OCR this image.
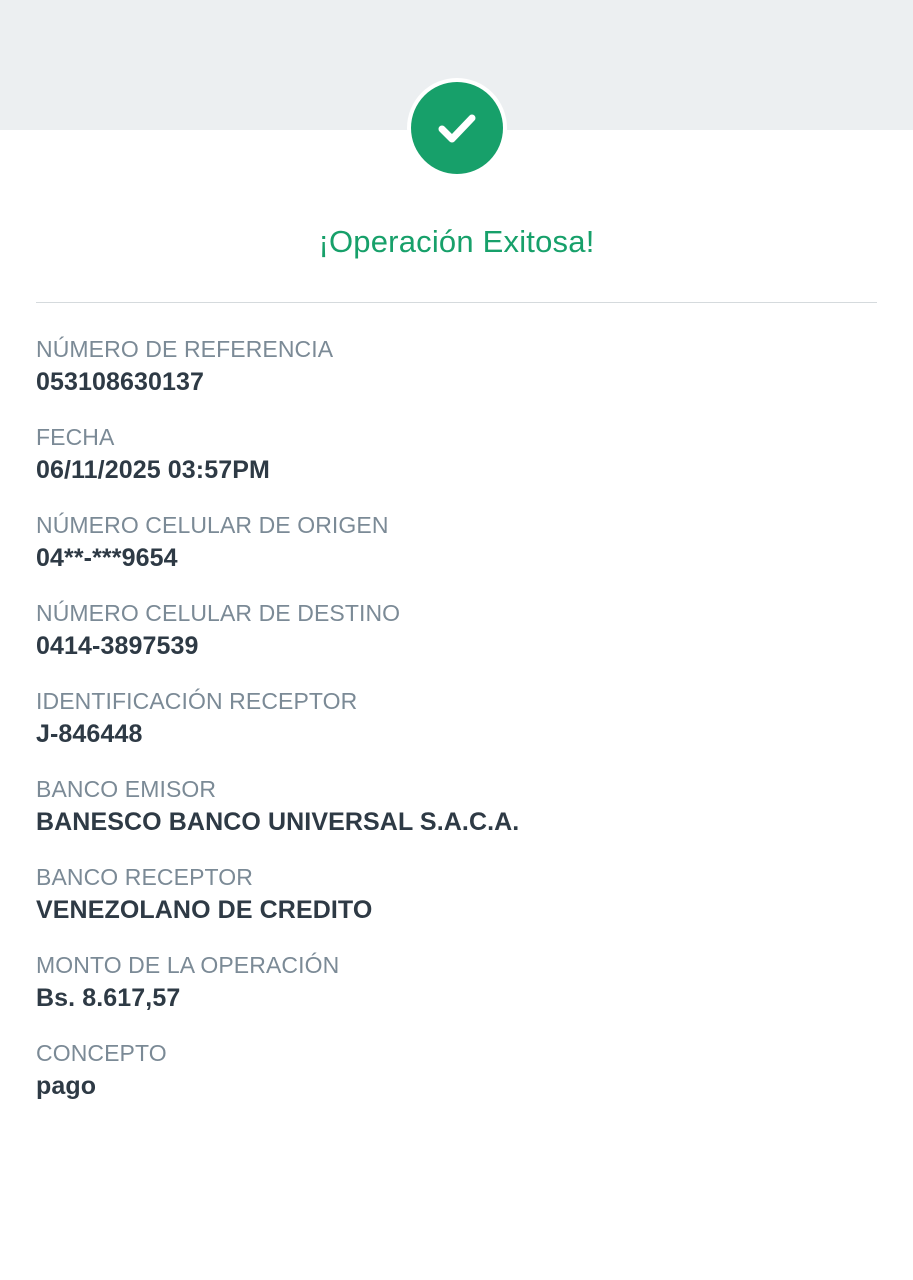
¡Operación Exitosa!
NÚMERO DE REFERENCIA
053108630137
FECHA
06/11/2025 03:57PM
NÚMERO CELULAR DE ORIGEN
04**-***9654
NÚMERO CELULAR DE DESTINO
0414-3897539
IDENTIFICACIÓN RECEPTOR
J-846448
BANCO EMISOR
BANESCO BANCO UNIVERSAL S.A.C.A.
BANCO RECEPTOR
VENEZOLANO DE CREDITO
MONTO DE LA OPERACIÓN
Bs. 8.617,57
CONCEPTO
pago
